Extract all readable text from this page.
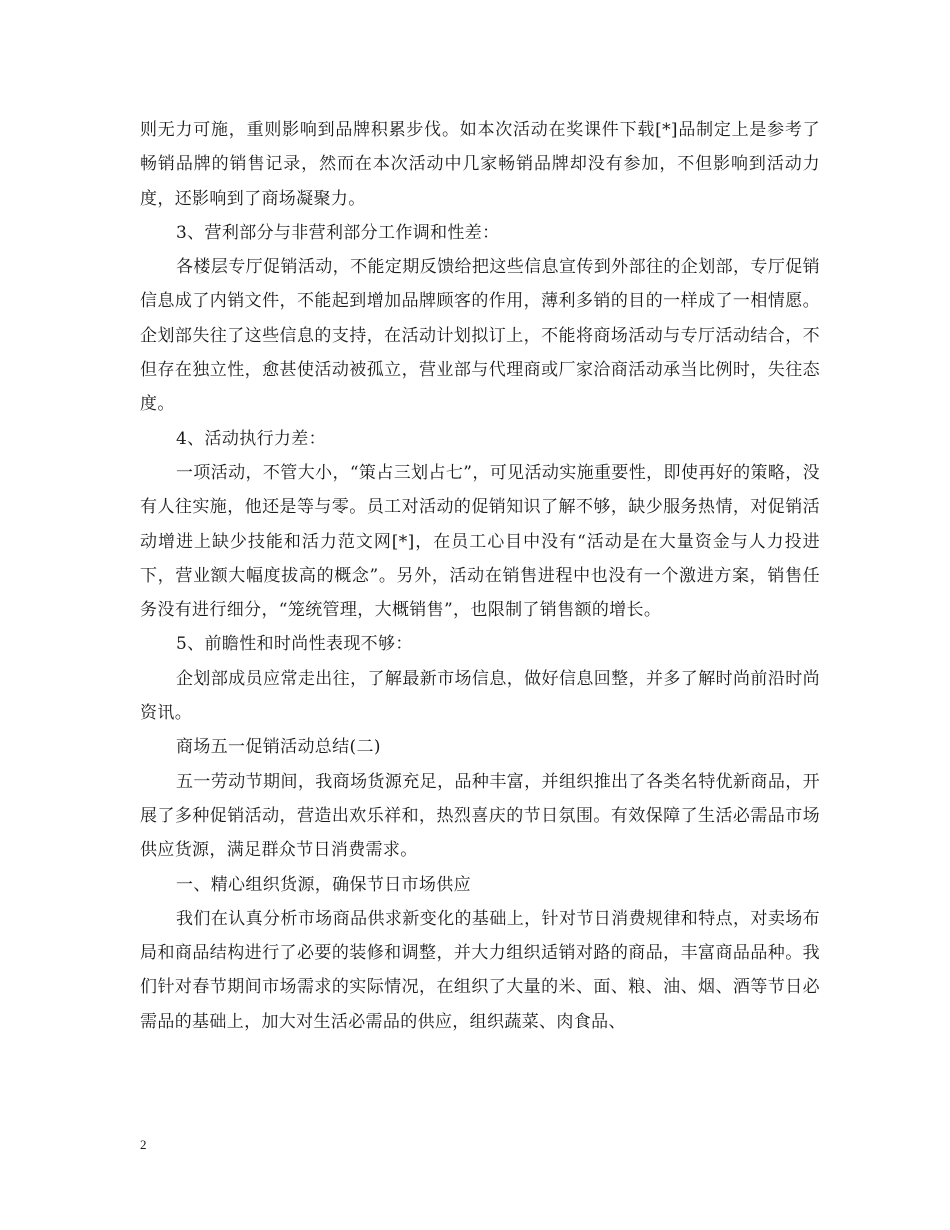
则无力可施，重则影响到品牌积累步伐。如本次活动在奖课件下载[*]品制定上是参考了畅销品牌的销售记录，然而在本次活动中几家畅销品牌却没有参加，不但影响到活动力度，还影响到了商场凝聚力。

3、营利部分与非营利部分工作调和性差：

各楼层专厅促销活动，不能定期反馈给把这些信息宣传到外部往的企划部，专厅促销信息成了内销文件，不能起到增加品牌顾客的作用，薄利多销的目的一样成了一相情愿。企划部失往了这些信息的支持，在活动计划拟订上，不能将商场活动与专厅活动结合，不但存在独立性，愈甚使活动被孤立，营业部与代理商或厂家洽商活动承当比例时，失往态度。

4、活动执行力差：

一项活动，不管大小，“策占三划占七”，可见活动实施重要性，即使再好的策略，没有人往实施，他还是等与零。员工对活动的促销知识了解不够，缺少服务热情，对促销活动增进上缺少技能和活力范文网[*]，在员工心目中没有“活动是在大量资金与人力投进下，营业额大幅度拔高的概念”。另外，活动在销售进程中也没有一个激进方案，销售任务没有进行细分，“笼统管理，大概销售”，也限制了销售额的增长。

5、前瞻性和时尚性表现不够：

企划部成员应常走出往，了解最新市场信息，做好信息回整，并多了解时尚前沿时尚资讯。

商场五一促销活动总结(二)

五一劳动节期间，我商场货源充足，品种丰富，并组织推出了各类名特优新商品，开展了多种促销活动，营造出欢乐祥和，热烈喜庆的节日氛围。有效保障了生活必需品市场供应货源，满足群众节日消费需求。

一、精心组织货源，确保节日市场供应

我们在认真分析市场商品供求新变化的基础上，针对节日消费规律和特点，对卖场布局和商品结构进行了必要的装修和调整，并大力组织适销对路的商品，丰富商品品种。我们针对春节期间市场需求的实际情况，在组织了大量的米、面、粮、油、烟、酒等节日必需品的基础上，加大对生活必需品的供应，组织蔬菜、肉食品、

2
